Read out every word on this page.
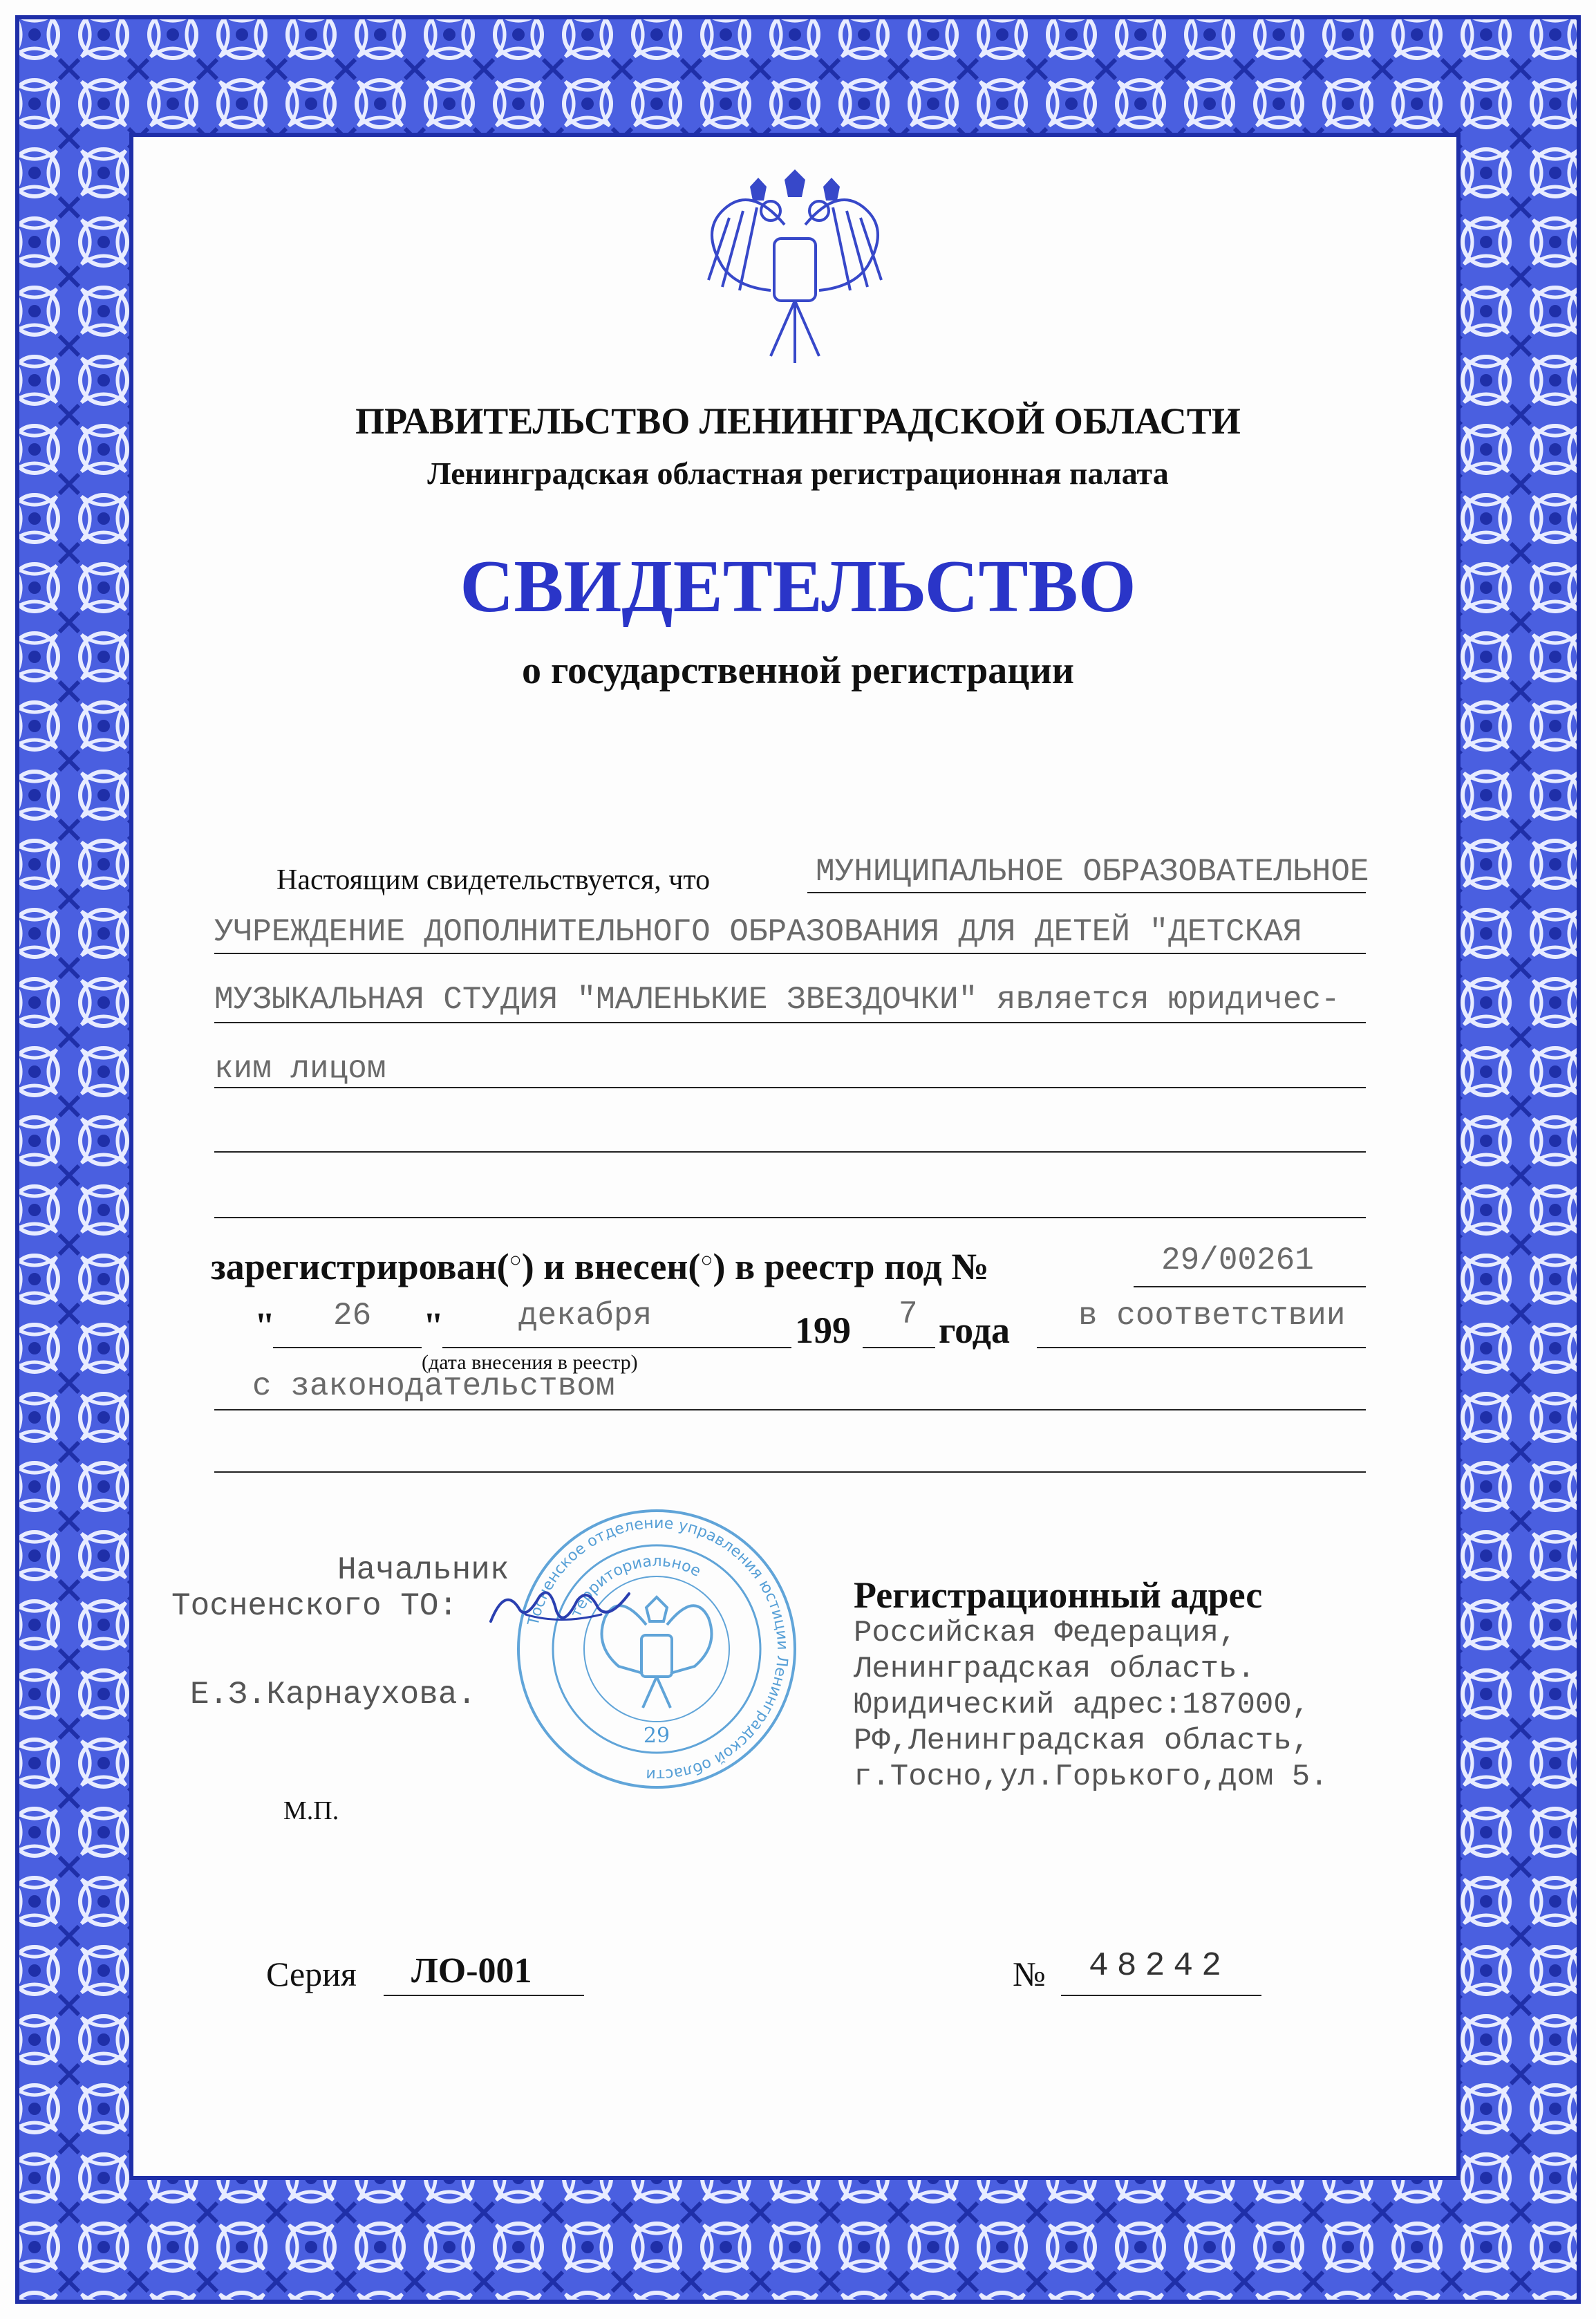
ПРАВИТЕЛЬСТВО ЛЕНИНГРАДСКОЙ ОБЛАСТИ
Ленинградская областная регистрационная палата
СВИДЕТЕЛЬСТВО
о государственной регистрации
Настоящим свидетельствуется, что	МУНИЦИПАЛЬНОЕ ОБРАЗОВАТЕЛЬНОЕ
УЧРЕЖДЕНИЕ ДОПОЛНИТЕЛЬНОГО ОБРАЗОВАНИЯ ДЛЯ ДЕТЕЙ "ДЕТСКАЯ
МУЗЫКАЛЬНАЯ СТУДИЯ "МАЛЕНЬКИЕ ЗВЕЗДОЧКИ" является юридичес-
ким лицом
зарегистрирован(○) и внесен(○) в реестр под №	29/00261
" 26 " декабря	199 7 года в соответствии
(дата внесения в реестр)
с законодательством
Начальник
Тосненского ТО:
Е.З.Карнаухова.
М.П.
Тосненское отделение управления юстиции Ленинградской области
территориальное
29
Регистрационный адрес
Российская Федерация,
Ленинградская область.
Юридический адрес:187000,
РФ,Ленинградская область,
г.Тосно,ул.Горького,дом 5.
Серия ЛО-001	№ 48242
